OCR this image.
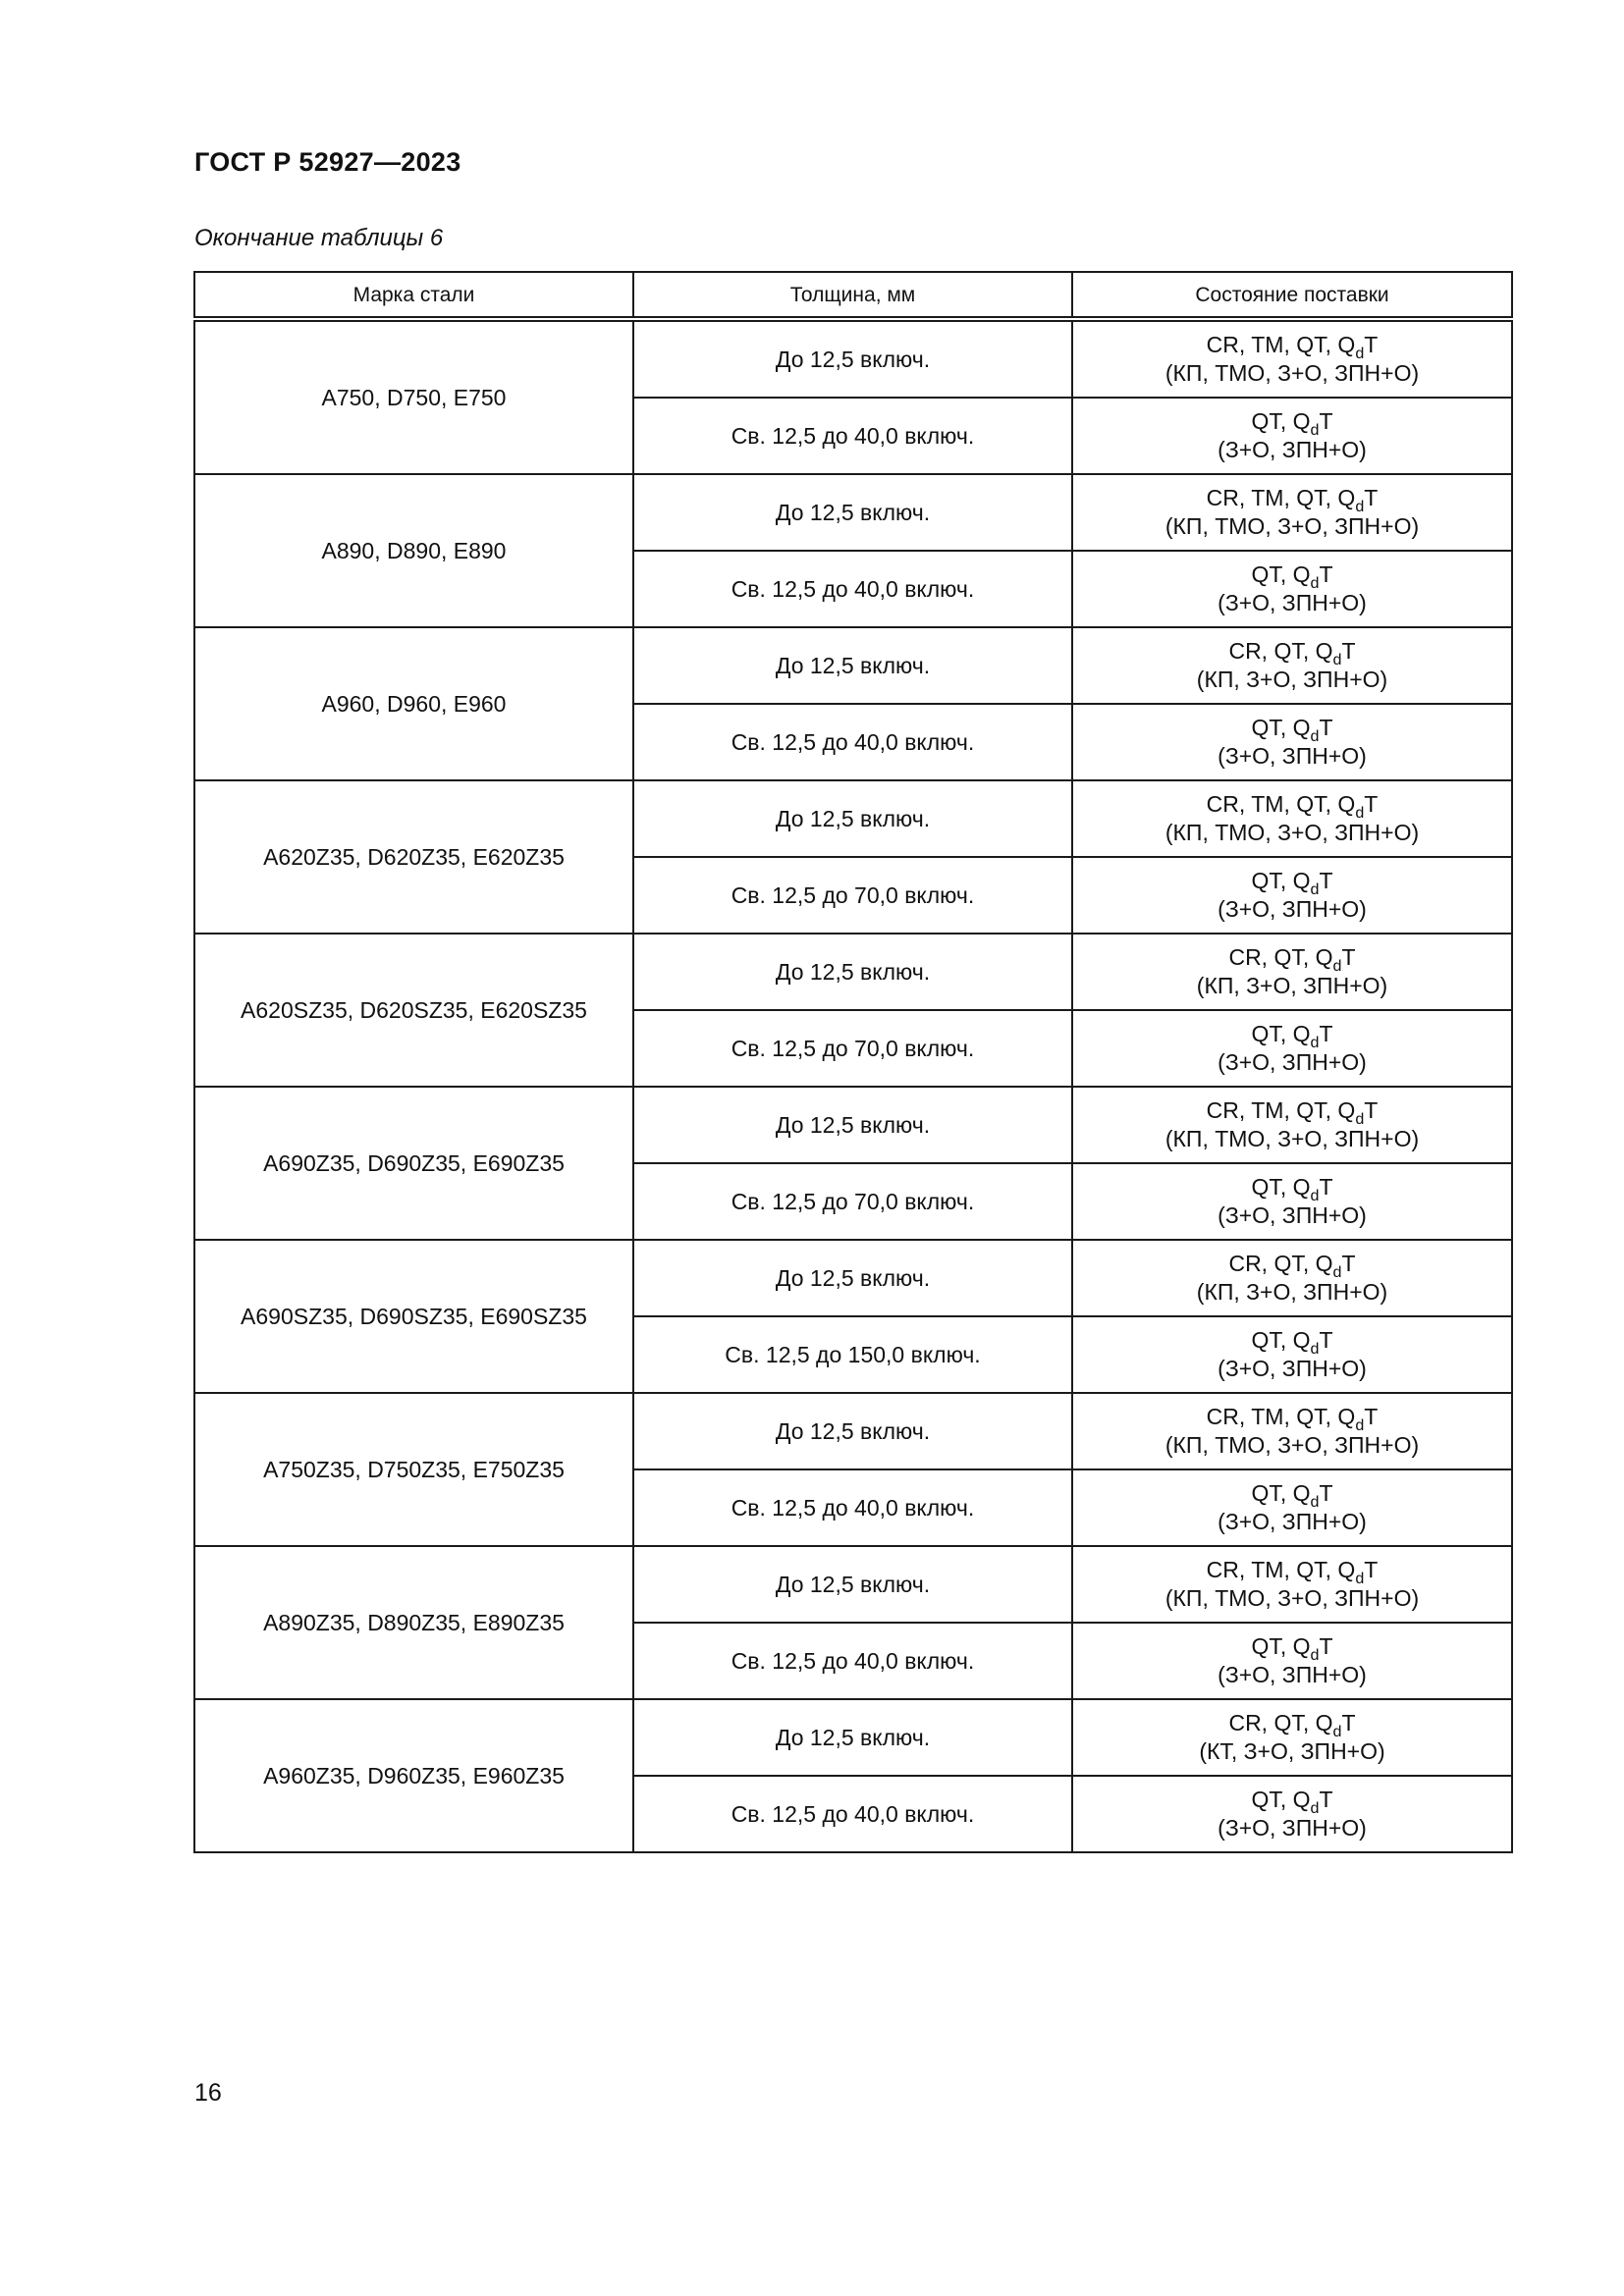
ГОСТ Р 52927—2023
Окончание таблицы 6
Марка стали	Толщина, мм	Состояние поставки
A750, D750, E750	До 12,5 включ.	CR, TM, QT, $Q_dT$
(КП, ТМО, З+О, ЗПН+О)

	Св. 12,5 до 40,0 включ.	QT, $Q_dT$
(З+О, ЗПН+О)

A890, D890, E890	До 12,5 включ.	CR, TM, QT, $Q_dT$
(КП, ТМО, З+О, ЗПН+О)

	Св. 12,5 до 40,0 включ.	QT, $Q_dT$
(З+О, ЗПН+О)

A960, D960, E960	До 12,5 включ.	CR, QT, $Q_dT$
(КП, З+О, ЗПН+О)

	Св. 12,5 до 40,0 включ.	QT, $Q_dT$
(З+О, ЗПН+О)

A620Z35, D620Z35, E620Z35	До 12,5 включ.	CR, TM, QT, $Q_dT$
(КП, ТМО, З+О, ЗПН+О)

	Св. 12,5 до 70,0 включ.	QT, $Q_dT$
(З+О, ЗПН+О)

A620SZ35, D620SZ35, E620SZ35	До 12,5 включ.	CR, QT, $Q_dT$
(КП, З+О, ЗПН+О)

	Св. 12,5 до 70,0 включ.	QT, $Q_dT$
(З+О, ЗПН+О)

A690Z35, D690Z35, E690Z35	До 12,5 включ.	CR, TM, QT, $Q_dT$
(КП, ТМО, З+О, ЗПН+О)

	Св. 12,5 до 70,0 включ.	QT, $Q_dT$
(З+О, ЗПН+О)

A690SZ35, D690SZ35, E690SZ35	До 12,5 включ.	CR, QT, $Q_dT$
(КП, З+О, ЗПН+О)

	Св. 12,5 до 150,0 включ.	QT, $Q_dT$
(З+О, ЗПН+О)

A750Z35, D750Z35, E750Z35	До 12,5 включ.	CR, TM, QT, $Q_dT$
(КП, ТМО, З+О, ЗПН+О)

	Св. 12,5 до 40,0 включ.	QT, $Q_dT$
(З+О, ЗПН+О)

A890Z35, D890Z35, E890Z35	До 12,5 включ.	CR, TM, QT, $Q_dT$
(КП, ТМО, З+О, ЗПН+О)

	Св. 12,5 до 40,0 включ.	QT, $Q_dT$
(З+О, ЗПН+О)

A960Z35, D960Z35, E960Z35	До 12,5 включ.	CR, QT, $Q_dT$
(КТ, З+О, ЗПН+О)

	Св. 12,5 до 40,0 включ.	QT, $Q_dT$
(З+О, ЗПН+О)
16
